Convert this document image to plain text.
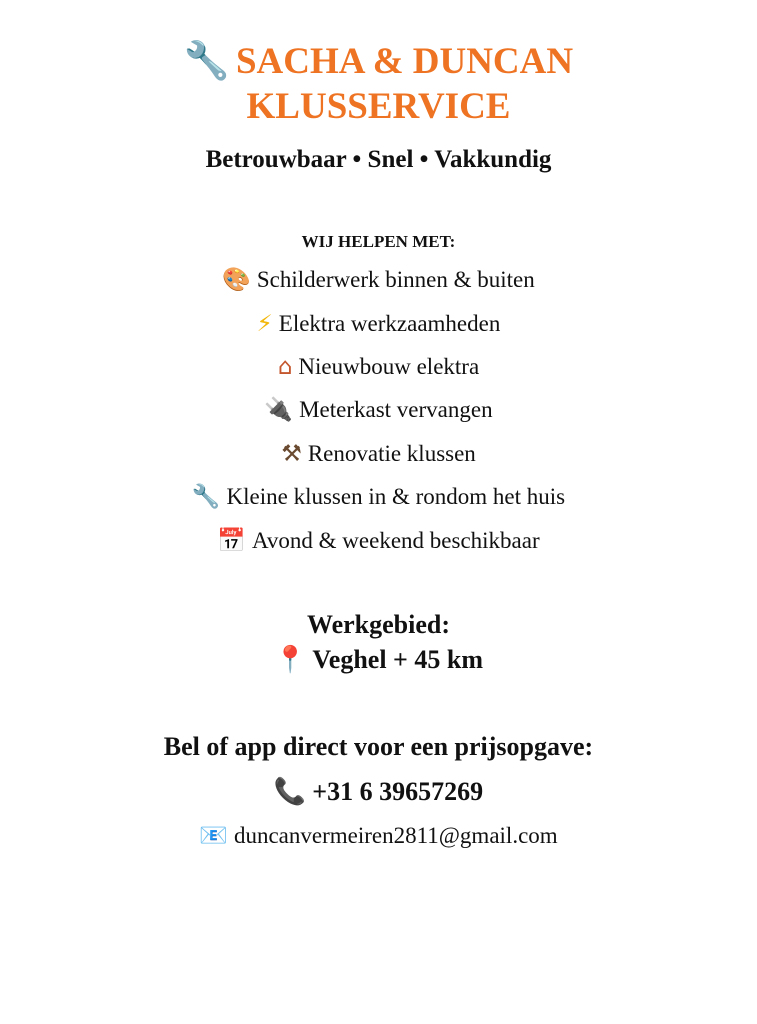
🔧 SACHA & DUNCAN
KLUSSERVICE
Betrouwbaar • Snel • Vakkundig
WIJ HELPEN MET:
🎨 Schilderwerk binnen & buiten
⚡ Elektra werkzaamheden
⌂ Nieuwbouw elektra
🔌 Meterkast vervangen
⚒ Renovatie klussen
🔧 Kleine klussen in & rondom het huis
📅 Avond & weekend beschikbaar
Werkgebied:
📍 Veghel + 45 km
Bel of app direct voor een prijsopgave:
📞 +31 6 39657269
📧 duncanvermeiren2811@gmail.com
